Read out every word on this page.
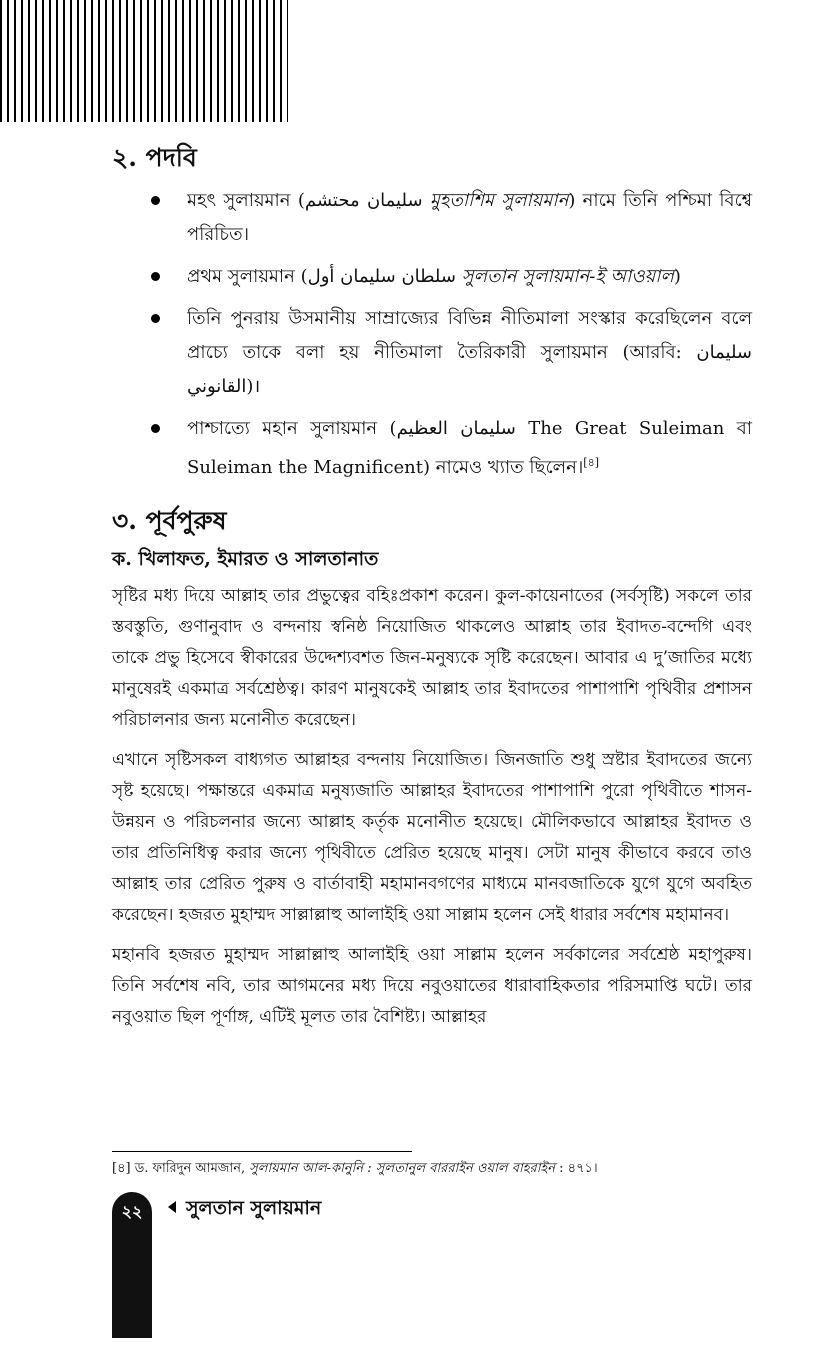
২. পদবি
মহৎ সুলায়মান (سليمان محتشم মুহতাশিম সুলায়মান) নামে তিনি পশ্চিমা বিশ্বে পরিচিত।
প্রথম সুলায়মান (سلطان سليمان أول সুলতান সুলায়মান-ই আওয়াল)
তিনি পুনরায় উসমানীয় সাম্রাজ্যের বিভিন্ন নীতিমালা সংস্কার করেছিলেন বলে প্রাচ্যে তাকে বলা হয় নীতিমালা তৈরিকারী সুলায়মান (আরবি: سليمان القانوني)।
পাশ্চাত্যে মহান সুলায়মান (سليمان العظيم The Great Suleiman বা Suleiman the Magnificent) নামেও খ্যাত ছিলেন।[৪]
৩. পূর্বপুরুষ
ক. খিলাফত, ইমারত ও সালতানাত

সৃষ্টির মধ্য দিয়ে আল্লাহ তার প্রভুত্বের বহিঃপ্রকাশ করেন। কুল-কায়েনাতের (সর্বসৃষ্টি) সকলে তার স্তবস্তুতি, গুণানুবাদ ও বন্দনায় স্বনিষ্ঠ নিয়োজিত থাকলেও আল্লাহ তার ইবাদত-বন্দেগি এবং তাকে প্রভু হিসেবে স্বীকারের উদ্দেশ্যবশত জিন-মনুষ্যকে সৃষ্টি করেছেন। আবার এ দু’জাতির মধ্যে মানুষেরই একমাত্র সর্বশ্রেষ্ঠত্ব। কারণ মানুষকেই আল্লাহ তার ইবাদতের পাশাপাশি পৃথিবীর প্রশাসন পরিচালনার জন্য মনোনীত করেছেন।

এখানে সৃষ্টিসকল বাধ্যগত আল্লাহর বন্দনায় নিয়োজিত। জিনজাতি শুধু স্রষ্টার ইবাদতের জন্যে সৃষ্ট হয়েছে। পক্ষান্তরে একমাত্র মনুষ্যজাতি আল্লাহর ইবাদতের পাশাপাশি পুরো পৃথিবীতে শাসন-উন্নয়ন ও পরিচলনার জন্যে আল্লাহ কর্তৃক মনোনীত হয়েছে। মৌলিকভাবে আল্লাহর ইবাদত ও তার প্রতিনিধিত্ব করার জন্যে পৃথিবীতে প্রেরিত হয়েছে মানুষ। সেটা মানুষ কীভাবে করবে তাও আল্লাহ তার প্রেরিত পুরুষ ও বার্তাবাহী মহামানবগণের মাধ্যমে মানবজাতিকে যুগে যুগে অবহিত করেছেন। হজরত মুহাম্মদ সাল্লাল্লাহু আলাইহি ওয়া সাল্লাম হলেন সেই ধারার সর্বশেষ মহামানব।

মহানবি হজরত মুহাম্মদ সাল্লাল্লাহু আলাইহি ওয়া সাল্লাম হলেন সর্বকালের সর্বশ্রেষ্ঠ মহাপুরুষ। তিনি সর্বশেষ নবি, তার আগমনের মধ্য দিয়ে নবুওয়াতের ধারাবাহিকতার পরিসমাপ্তি ঘটে। তার নবুওয়াত ছিল পূর্ণাঙ্গ, এটিই মূলত তার বৈশিষ্ট্য। আল্লাহর

[৪] ড. ফারিদুন আমজান, সুলায়মান আল-কানুনি : সুলতানুল বাররাইন ওয়াল বাহরাইন : ৪৭১।
২২	সুলতান সুলায়মান
